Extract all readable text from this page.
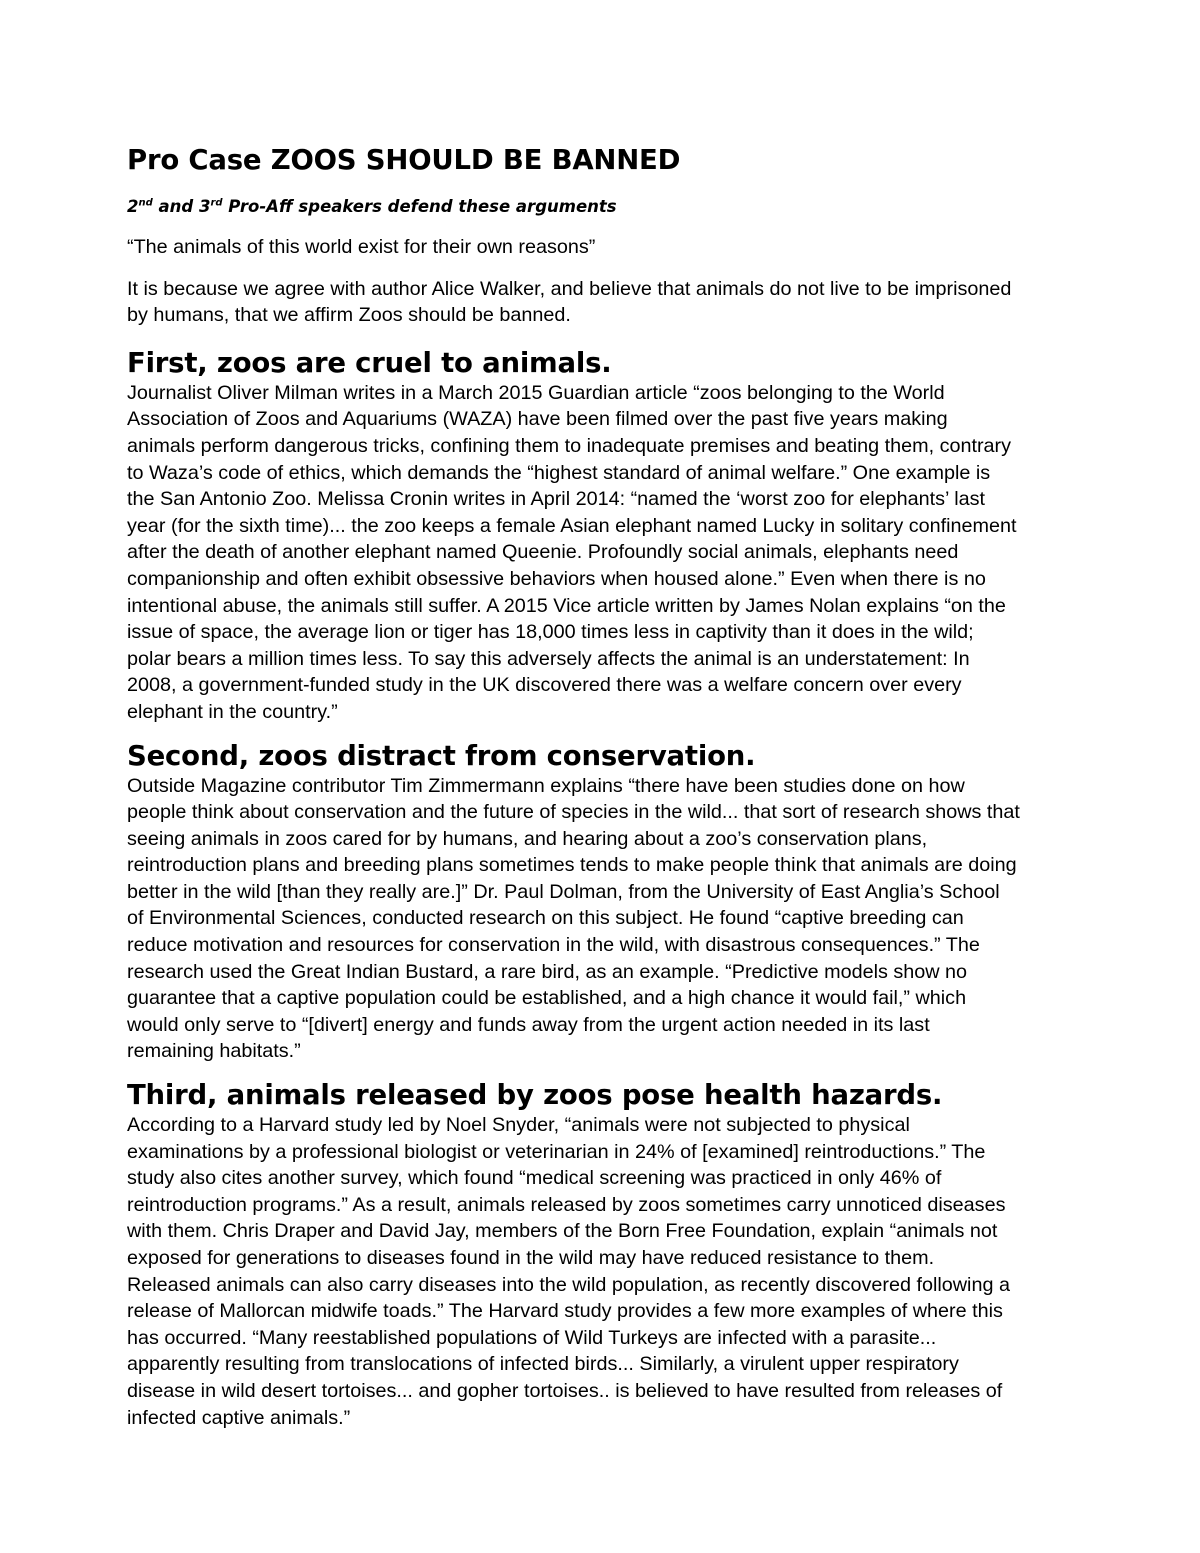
Pro Case ZOOS SHOULD BE BANNED
2nd and 3rd Pro-Aff speakers defend these arguments

“The animals of this world exist for their own reasons”

It is because we agree with author Alice Walker, and believe that animals do not live to be imprisoned
by humans, that we affirm Zoos should be banned.

First, zoos are cruel to animals.

Journalist Oliver Milman writes in a March 2015 Guardian article “zoos belonging to the World
Association of Zoos and Aquariums (WAZA) have been filmed over the past five years making
animals perform dangerous tricks, confining them to inadequate premises and beating them, contrary
to Waza’s code of ethics, which demands the “highest standard of animal welfare.” One example is
the San Antonio Zoo. Melissa Cronin writes in April 2014: “named the ‘worst zoo for elephants’ last
year (for the sixth time)... the zoo keeps a female Asian elephant named Lucky in solitary confinement
after the death of another elephant named Queenie. Profoundly social animals, elephants need
companionship and often exhibit obsessive behaviors when housed alone.” Even when there is no
intentional abuse, the animals still suffer. A 2015 Vice article written by James Nolan explains “on the
issue of space, the average lion or tiger has 18,000 times less in captivity than it does in the wild;
polar bears a million times less. To say this adversely affects the animal is an understatement: In
2008, a government-funded study in the UK discovered there was a welfare concern over every
elephant in the country.”

Second, zoos distract from conservation.

Outside Magazine contributor Tim Zimmermann explains “there have been studies done on how
people think about conservation and the future of species in the wild... that sort of research shows that
seeing animals in zoos cared for by humans, and hearing about a zoo’s conservation plans,
reintroduction plans and breeding plans sometimes tends to make people think that animals are doing
better in the wild [than they really are.]” Dr. Paul Dolman, from the University of East Anglia’s School
of Environmental Sciences, conducted research on this subject. He found “captive breeding can
reduce motivation and resources for conservation in the wild, with disastrous consequences.” The
research used the Great Indian Bustard, a rare bird, as an example. “Predictive models show no
guarantee that a captive population could be established, and a high chance it would fail,” which
would only serve to “[divert] energy and funds away from the urgent action needed in its last
remaining habitats.”

Third, animals released by zoos pose health hazards.

According to a Harvard study led by Noel Snyder, “animals were not subjected to physical
examinations by a professional biologist or veterinarian in 24% of [examined] reintroductions.” The
study also cites another survey, which found “medical screening was practiced in only 46% of
reintroduction programs.” As a result, animals released by zoos sometimes carry unnoticed diseases
with them. Chris Draper and David Jay, members of the Born Free Foundation, explain “animals not
exposed for generations to diseases found in the wild may have reduced resistance to them.
Released animals can also carry diseases into the wild population, as recently discovered following a
release of Mallorcan midwife toads.” The Harvard study provides a few more examples of where this
has occurred. “Many reestablished populations of Wild Turkeys are infected with a parasite...
apparently resulting from translocations of infected birds... Similarly, a virulent upper respiratory
disease in wild desert tortoises... and gopher tortoises.. is believed to have resulted from releases of
infected captive animals.”
